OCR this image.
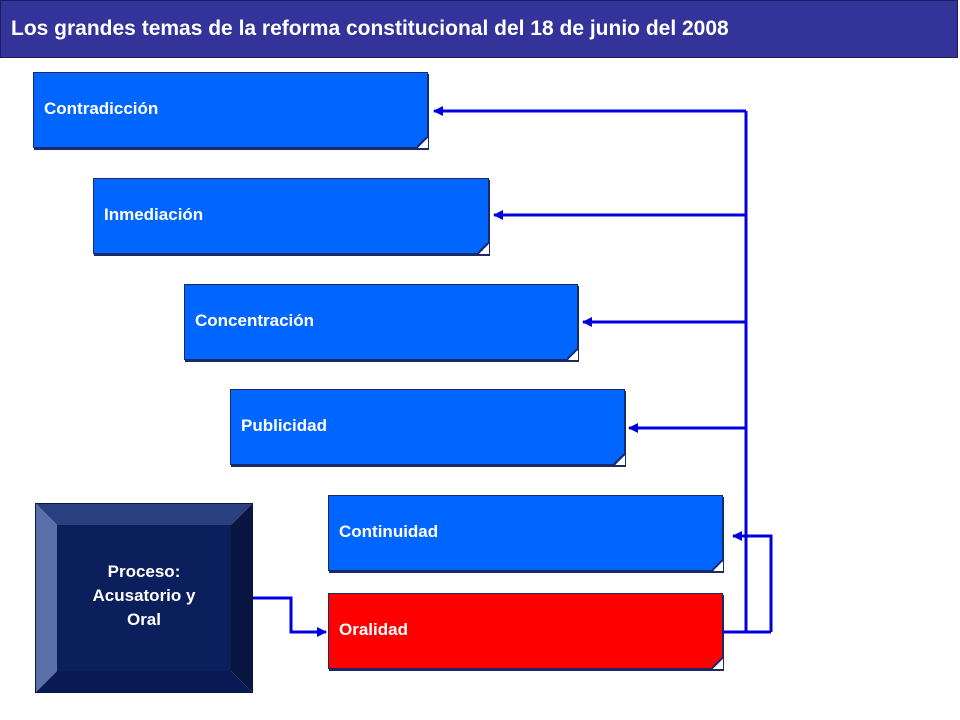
Los grandes temas de la reforma constitucional del 18 de junio del 2008
Contradicción
Inmediación
Concentración
Publicidad
Continuidad
Oralidad
Proceso:
Acusatorio y
Oral
